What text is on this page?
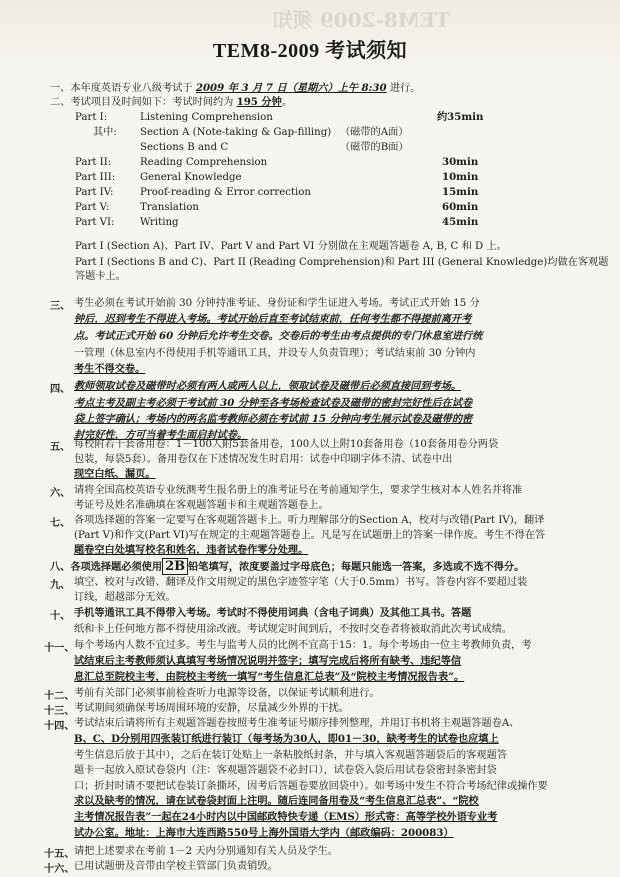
TEM8-2009 须知
TEM8-2009 考试须知
一、本年度英语专业八级考试于 2009 年 3 月 7 日（星期六）上午 8:30 进行。
二、考试项目及时间如下：考试时间约为 195 分钟。
Part I:	Listening Comprehension	约35min
其中: Section A (Note-taking & Gap-filling) （磁带的A面）
Sections B and C	（磁带的B面）
Part II:	Reading Comprehension	30min
Part III: General Knowledge	10min
Part IV:	Proof-reading & Error correction	15min
Part V:	Translation	60min
Part VI:	Writing	45min
Part I (Section A)、Part IV、Part V and Part VI 分别做在主观题答题卷 A, B, C 和 D 上。
Part I (Sections B and C)、Part II (Reading Comprehension)和 Part III (General Knowledge)均做在客观题
答题卡上。
三、 考生必须在考试开始前 30 分钟持准考证、身份证和学生证进入考场。考试正式开始 15 分
钟后，迟到考生不得进入考场。考试开始后直至考试结束前，任何考生都不得提前离开考
点。考试正式开始 60 分钟后允许考生交卷。交卷后的考生由考点提供的专门休息室进行统
一管理（休息室内不得使用手机等通讯工具，并设专人负责管理）；考试结束前 30 分钟内
考生不得交卷。
四、 教师领取试卷及磁带时必须有两人或两人以上，领取试卷及磁带后必须直接回到考场。
考点主考及副主考必须于考试前 30 分钟至各考场检查试卷及磁带的密封完好性后在试卷
袋上签字确认；考场内的两名监考教师必须在考试前 15 分钟向考生展示试卷及磁带的密
封完好性，方可当着考生面启封试卷。
五、 每校附若干套备用卷：1－100人附5套备用卷，100人以上附10套备用卷（10套备用卷分两袋
包装，每袋5套）。备用卷仅在下述情况发生时启用：试卷中印刷字体不清、试卷中出
现空白纸、漏页。
六、 请将全国高校英语专业统测考生报名册上的准考证号在考前通知学生，要求学生核对本人姓名并将准
考证号及姓名准确填在客观题答题卡和主观题答题卷上。
七、 各项选择题的答案一定要写在客观题答题卡上。听力理解部分的Section A，校对与改错(Part IV)，翻译
(Part V)和作文(Part VI)写在规定的主观题答题卷上。凡是写在试题册上的答案一律作废。考生不得在答
题卷空白处填写校名和姓名，违者试卷作零分处理。
八、各项选择题必须使用 2B 铅笔填写，浓度要盖过字母底色；每题只能选一答案，多选或不选不得分。
九、 填空、校对与改错、翻译及作文用规定的黑色字迹签字笔（大于0.5mm）书写。答卷内容不要超过装
订线，超越部分无效。
十、 手机等通讯工具不得带入考场。考试时不得使用词典（含电子词典）及其他工具书。答题
纸和卡上任何地方都不得使用涂改液。考试规定时间到后，不按时交卷者将被取消此次考试成绩。
十一、 每个考场内人数不宜过多。考生与监考人员的比例不宜高于15：1。每个考场由一位主考教师负责，考
试结束后主考教师须认真填写考场情况说明并签字；填写完成后将所有缺考、违纪等信
息汇总至院校主考，由院校主考统一填写“考生信息汇总表”及“院校主考情况报告表”。
十二、 考前有关部门必须事前检查听力电源等设备，以保证考试顺利进行。
十三、 考试期间须确保考场周围环境的安静，尽量减少外界的干扰。
十四、 考试结束后请将所有主观题答题卷按照考生准考证号顺序排列整理，并用订书机将主观题答题卷A、
B、C、D分别用四张装订纸进行装订（每考场为30人，即01－30，缺考考生的试卷也应填上
考生信息后放于其中），之后在装订处贴上一条粘胶纸封条，并与填入客观题答题袋后的客观题答
题卡一起放入原试卷袋内（注：客观题答题袋不必封口），试卷袋入袋后用试卷袋密封条密封袋
口；折封时请不要把试卷装订条撕坏，因考后答题卷要放回袋中）。如考场中发生不符合考场纪律或操作要
求以及缺考的情况，请在试卷袋封面上注明。随后连同备用卷及“考生信息汇总表”、“院校
主考情况报告表”一起在24小时内以中国邮政特快专递（EMS）形式寄：高等学校外语专业考
试办公室。地址：上海市大连西路550号上海外国语大学内（邮政编码：200083）
十五、 请把上述要求在考前 1－2 天内分别通知有关人员及学生。
十六、 已用试题册及音带由学校主管部门负责销毁。
